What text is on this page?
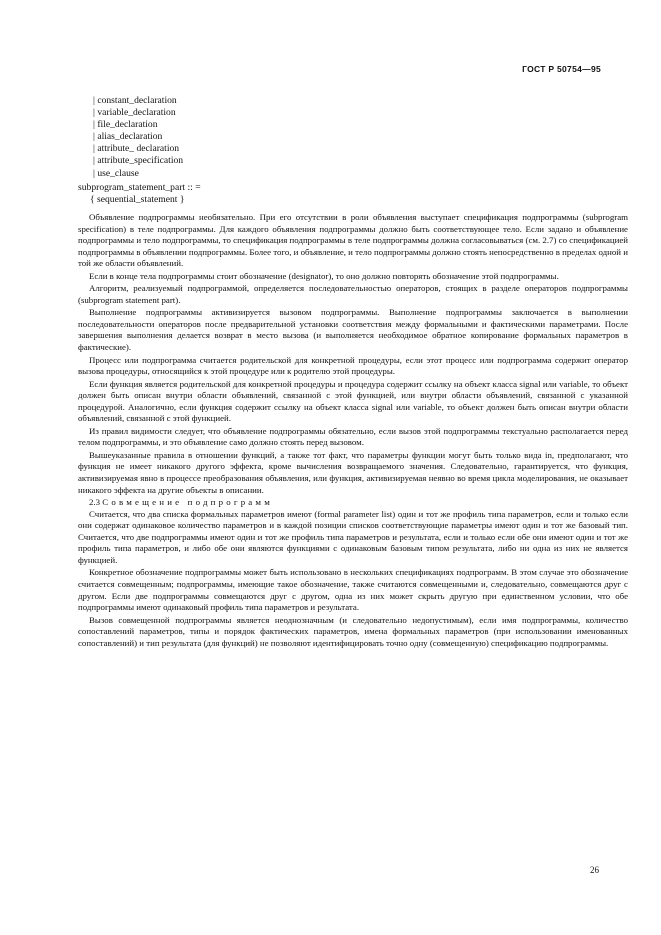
ГОСТ Р 50754—95
| constant_declaration
| variable_declaration
| file_declaration
| alias_declaration
| attribute_ declaration
| attribute_specification
| use_clause
subprogram_statement_part :: =
{ sequential_statement }

Объявление подпрограммы необязательно. При его отсутствии в роли объявления выступает спецификация подпрограммы (subprogram specification) в теле подпрограммы. Для каждого объявления подпрограммы должно быть соответствующее тело. Если задано и объявление подпрограммы и тело подпрограммы, то спецификация подпрограммы в теле подпрограммы должна согласовываться (см. 2.7) со спецификацией подпрограммы в объявлении подпрограммы. Более того, и объявление, и тело подпрограммы должно стоять непосредственно в пределах одной и той же области объявлений.

Если в конце тела подпрограммы стоит обозначение (designator), то оно должно повторять обозначение этой подпрограммы.

Алгоритм, реализуемый подпрограммой, определяется последовательностью операторов, стоящих в разделе операторов подпрограммы (subprogram statement part).

Выполнение подпрограммы активизируется вызовом подпрограммы. Выполнение подпрограммы заключается в выполнении последовательности операторов после предварительной установки соответствия между формальными и фактическими параметрами. После завершения выполнения делается возврат в место вызова (и выполняется необходимое обратное копирование формальных параметров в фактические).

Процесс или подпрограмма считается родительской для конкретной процедуры, если этот процесс или подпрограмма содержит оператор вызова процедуры, относящийся к этой процедуре или к родителю этой процедуры.

Если функция является родительской для конкретной процедуры и процедура содержит ссылку на объект класса signal или variable, то объект должен быть описан внутри области объявлений, связанной с этой функцией, или внутри области объявлений, связанной с указанной процедурой. Аналогично, если функция содержит ссылку на объект класса signal или variable, то объект должен быть описан внутри области объявлений, связанной с этой функцией.

Из правил видимости следует, что объявление подпрограммы обязательно, если вызов этой подпрограммы текстуально располагается перед телом подпрограммы, и это объявление само должно стоять перед вызовом.

Вышеуказанные правила в отношении функций, а также тот факт, что параметры функции могут быть только вида in, предполагают, что функция не имеет никакого другого эффекта, кроме вычисления возвращаемого значения. Следовательно, гарантируется, что функция, активизируемая явно в процессе преобразования объявления, или функция, активизируемая неявно во время цикла моделирования, не оказывает никакого эффекта на другие объекты в описании.

2.3 Совмещение подпрограмм

Считается, что два списка формальных параметров имеют (formal parameter list) один и тот же профиль типа параметров, если и только если они содержат одинаковое количество параметров и в каждой позиции списков соответствующие параметры имеют один и тот же базовый тип. Считается, что две подпрограммы имеют один и тот же профиль типа параметров и результата, если и только если обе они имеют один и тот же профиль типа параметров, и либо обе они являются функциями с одинаковым базовым типом результата, либо ни одна из них не является функцией.

Конкретное обозначение подпрограммы может быть использовано в нескольких спецификациях подпрограмм. В этом случае это обозначение считается совмещенным; подпрограммы, имеющие такое обозначение, также считаются совмещенными и, следовательно, совмещаются друг с другом. Если две подпрограммы совмещаются друг с другом, одна из них может скрыть другую при единственном условии, что обе подпрограммы имеют одинаковый профиль типа параметров и результата.

Вызов совмещенной подпрограммы является неоднозначным (и следовательно недопустимым), если имя подпрограммы, количество сопоставлений параметров, типы и порядок фактических параметров, имена формальных параметров (при использовании именованных сопоставлений) и тип результата (для функций) не позволяют идентифицировать точно одну (совмещенную) спецификацию подпрограммы.

26
